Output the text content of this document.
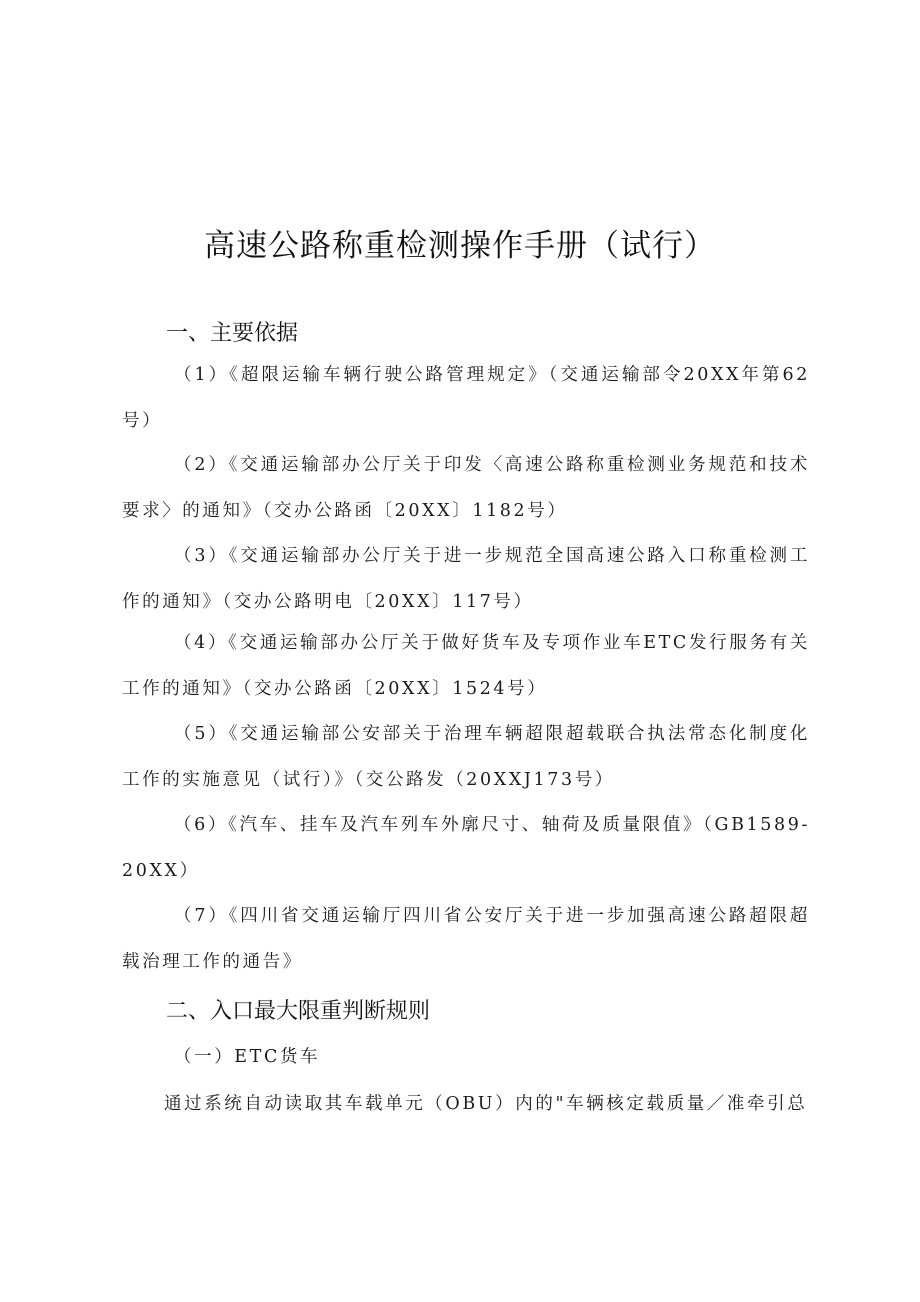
高速公路称重检测操作手册（试行）
一、主要依据
（1）《超限运输车辆行驶公路管理规定》（交通运输部令20XX年第62号）
（2）《交通运输部办公厅关于印发〈高速公路称重检测业务规范和技术要求〉的通知》（交办公路函〔20XX〕1182号）
（3）《交通运输部办公厅关于进一步规范全国高速公路入口称重检测工作的通知》（交办公路明电〔20XX〕117号）
（4）《交通运输部办公厅关于做好货车及专项作业车ETC发行服务有关工作的通知》（交办公路函〔20XX〕1524号）
（5）《交通运输部公安部关于治理车辆超限超载联合执法常态化制度化工作的实施意见（试行）》（交公路发（20XXJ173号）
（6）《汽车、挂车及汽车列车外廓尺寸、轴荷及质量限值》（GB1589- 20XX）
（7）《四川省交通运输厅四川省公安厅关于进一步加强高速公路超限超载治理工作的通告》
二、入口最大限重判断规则
（一）ETC货车
通过系统自动读取其车载单元（OBU）内的"车辆核定载质量／准牵引总
